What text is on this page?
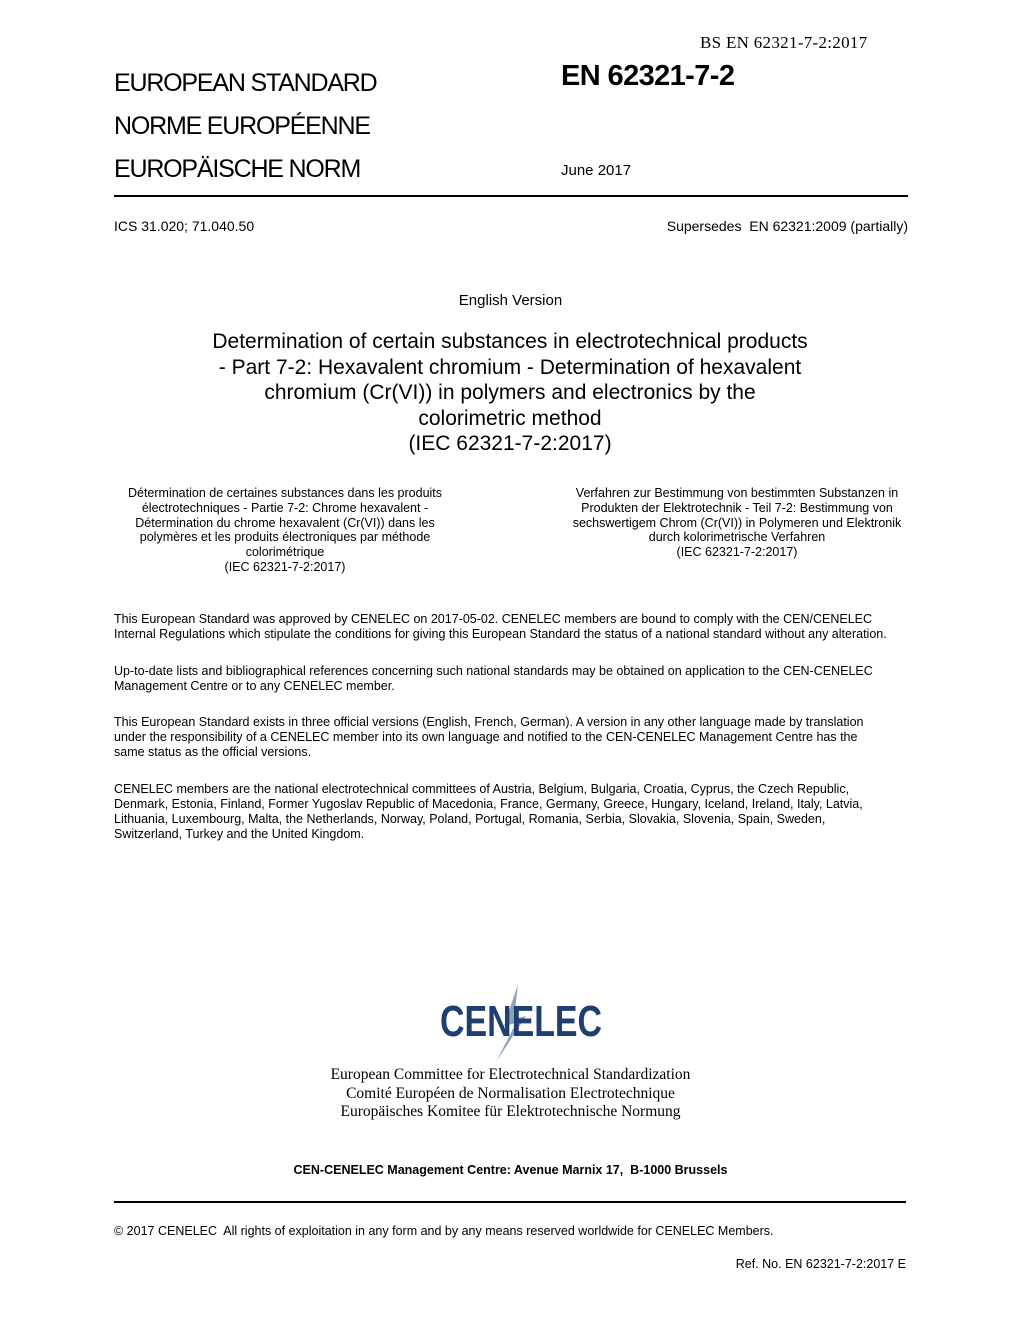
BS EN 62321-7-2:2017
EUROPEAN STANDARD
NORME EUROPÉENNE
EUROPÄISCHE NORM
EN 62321-7-2
June 2017
ICS 31.020; 71.040.50	Supersedes  EN 62321:2009 (partially)
English Version
Determination of certain substances in electrotechnical products
- Part 7-2: Hexavalent chromium - Determination of hexavalent
chromium (Cr(VI)) in polymers and electronics by the
colorimetric method
(IEC 62321-7-2:2017)
Détermination de certaines substances dans les produits
électrotechniques - Partie 7-2: Chrome hexavalent -
Détermination du chrome hexavalent (Cr(VI)) dans les
polymères et les produits électroniques par méthode
colorimétrique
(IEC 62321-7-2:2017)
Verfahren zur Bestimmung von bestimmten Substanzen in
Produkten der Elektrotechnik - Teil 7-2: Bestimmung von
sechswertigem Chrom (Cr(VI)) in Polymeren und Elektronik
durch kolorimetrische Verfahren
(IEC 62321-7-2:2017)
This European Standard was approved by CENELEC on 2017-05-02. CENELEC members are bound to comply with the CEN/CENELEC
Internal Regulations which stipulate the conditions for giving this European Standard the status of a national standard without any alteration.
Up-to-date lists and bibliographical references concerning such national standards may be obtained on application to the CEN-CENELEC
Management Centre or to any CENELEC member.
This European Standard exists in three official versions (English, French, German). A version in any other language made by translation
under the responsibility of a CENELEC member into its own language and notified to the CEN-CENELEC Management Centre has the
same status as the official versions.
CENELEC members are the national electrotechnical committees of Austria, Belgium, Bulgaria, Croatia, Cyprus, the Czech Republic,
Denmark, Estonia, Finland, Former Yugoslav Republic of Macedonia, France, Germany, Greece, Hungary, Iceland, Ireland, Italy, Latvia,
Lithuania, Luxembourg, Malta, the Netherlands, Norway, Poland, Portugal, Romania, Serbia, Slovakia, Slovenia, Spain, Sweden,
Switzerland, Turkey and the United Kingdom.
CENELEC
European Committee for Electrotechnical Standardization
Comité Européen de Normalisation Electrotechnique
Europäisches Komitee für Elektrotechnische Normung
CEN-CENELEC Management Centre: Avenue Marnix 17,  B-1000 Brussels
© 2017 CENELEC  All rights of exploitation in any form and by any means reserved worldwide for CENELEC Members.
Ref. No. EN 62321-7-2:2017 E
